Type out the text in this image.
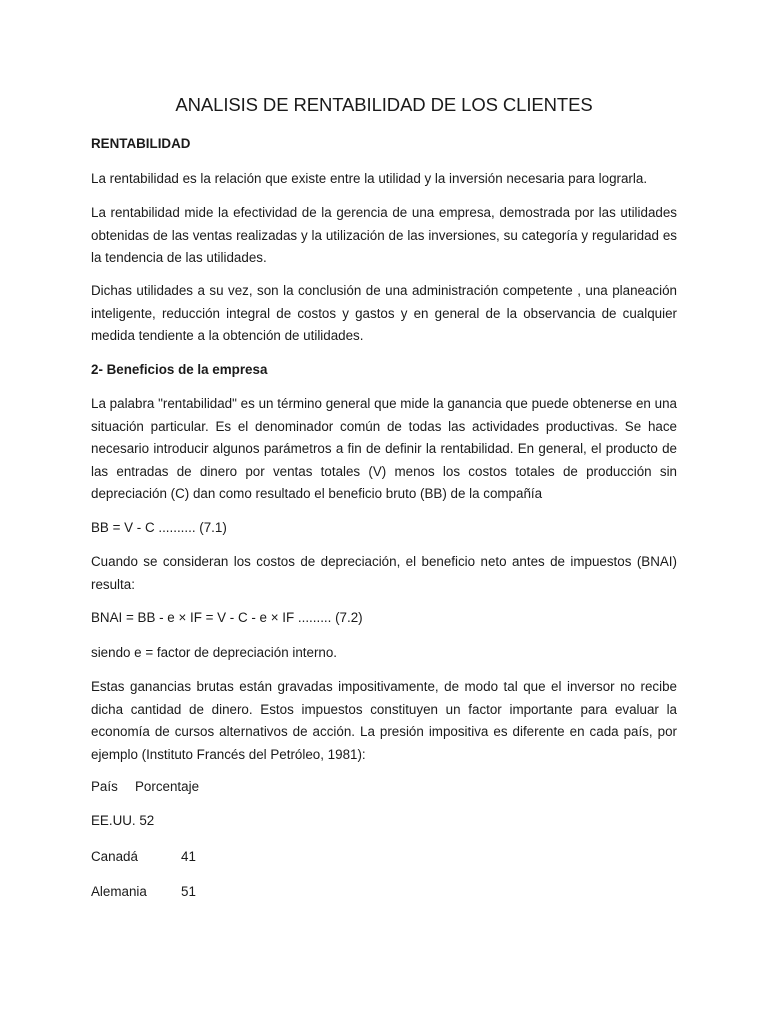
ANALISIS DE RENTABILIDAD DE LOS CLIENTES

RENTABILIDAD

La rentabilidad es la relación que existe entre la utilidad y la inversión necesaria para lograrla.

La rentabilidad mide la efectividad de la gerencia de una empresa, demostrada por las utilidades obtenidas de las ventas realizadas y la utilización de las inversiones, su categoría y regularidad es la tendencia de las utilidades.

Dichas utilidades a su vez, son la conclusión de una administración competente , una planeación inteligente, reducción integral de costos y gastos y en general de la observancia de cualquier medida tendiente a la obtención de utilidades.

2- Beneficios de la empresa

La palabra "rentabilidad" es un término general que mide la ganancia que puede obtenerse en una situación particular. Es el denominador común de todas las actividades productivas. Se hace necesario introducir algunos parámetros a fin de definir la rentabilidad. En general, el producto de las entradas de dinero por ventas totales (V) menos los costos totales de producción sin depreciación (C) dan como resultado el beneficio bruto (BB) de la compañía

BB = V - C .......... (7.1)

Cuando se consideran los costos de depreciación, el beneficio neto antes de impuestos (BNAI) resulta:

BNAI = BB - e × IF = V - C - e × IF ......... (7.2)

siendo e = factor de depreciación interno.

Estas ganancias brutas están gravadas impositivamente, de modo tal que el inversor no recibe dicha cantidad de dinero. Estos impuestos constituyen un factor importante para evaluar la economía de cursos alternativos de acción. La presión impositiva es diferente en cada país, por ejemplo (Instituto Francés del Petróleo, 1981):

País Porcentaje
EE.UU. 52
Canadá	41
Alemania	51
